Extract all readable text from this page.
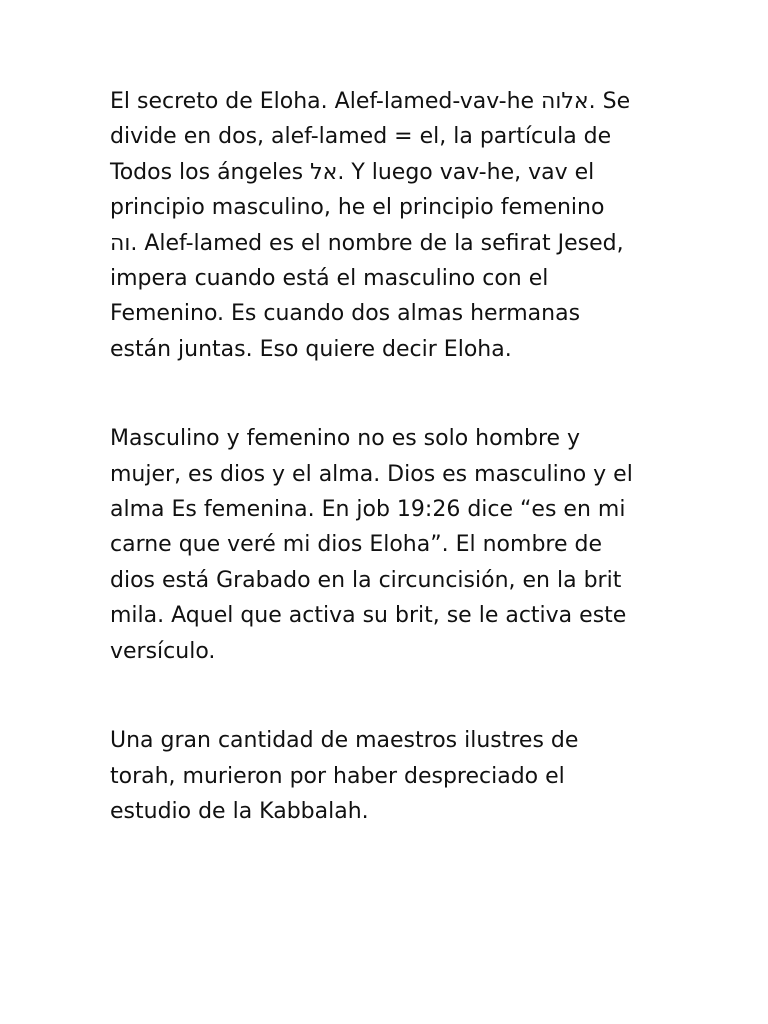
El secreto de Eloha. Alef-lamed-vav-he אלוה. Se
divide en dos, alef-lamed = el, la partícula de
Todos los ángeles אל. Y luego vav-he, vav el
principio masculino, he el principio femenino
וה. Alef-lamed es el nombre de la sefirat Jesed,
impera cuando está el masculino con el
Femenino. Es cuando dos almas hermanas
están juntas. Eso quiere decir Eloha.

Masculino y femenino no es solo hombre y
mujer, es dios y el alma. Dios es masculino y el
alma Es femenina. En job 19:26 dice “es en mi
carne que veré mi dios Eloha”. El nombre de
dios está Grabado en la circuncisión, en la brit
mila. Aquel que activa su brit, se le activa este
versículo.

Una gran cantidad de maestros ilustres de
torah, murieron por haber despreciado el
estudio de la Kabbalah.
